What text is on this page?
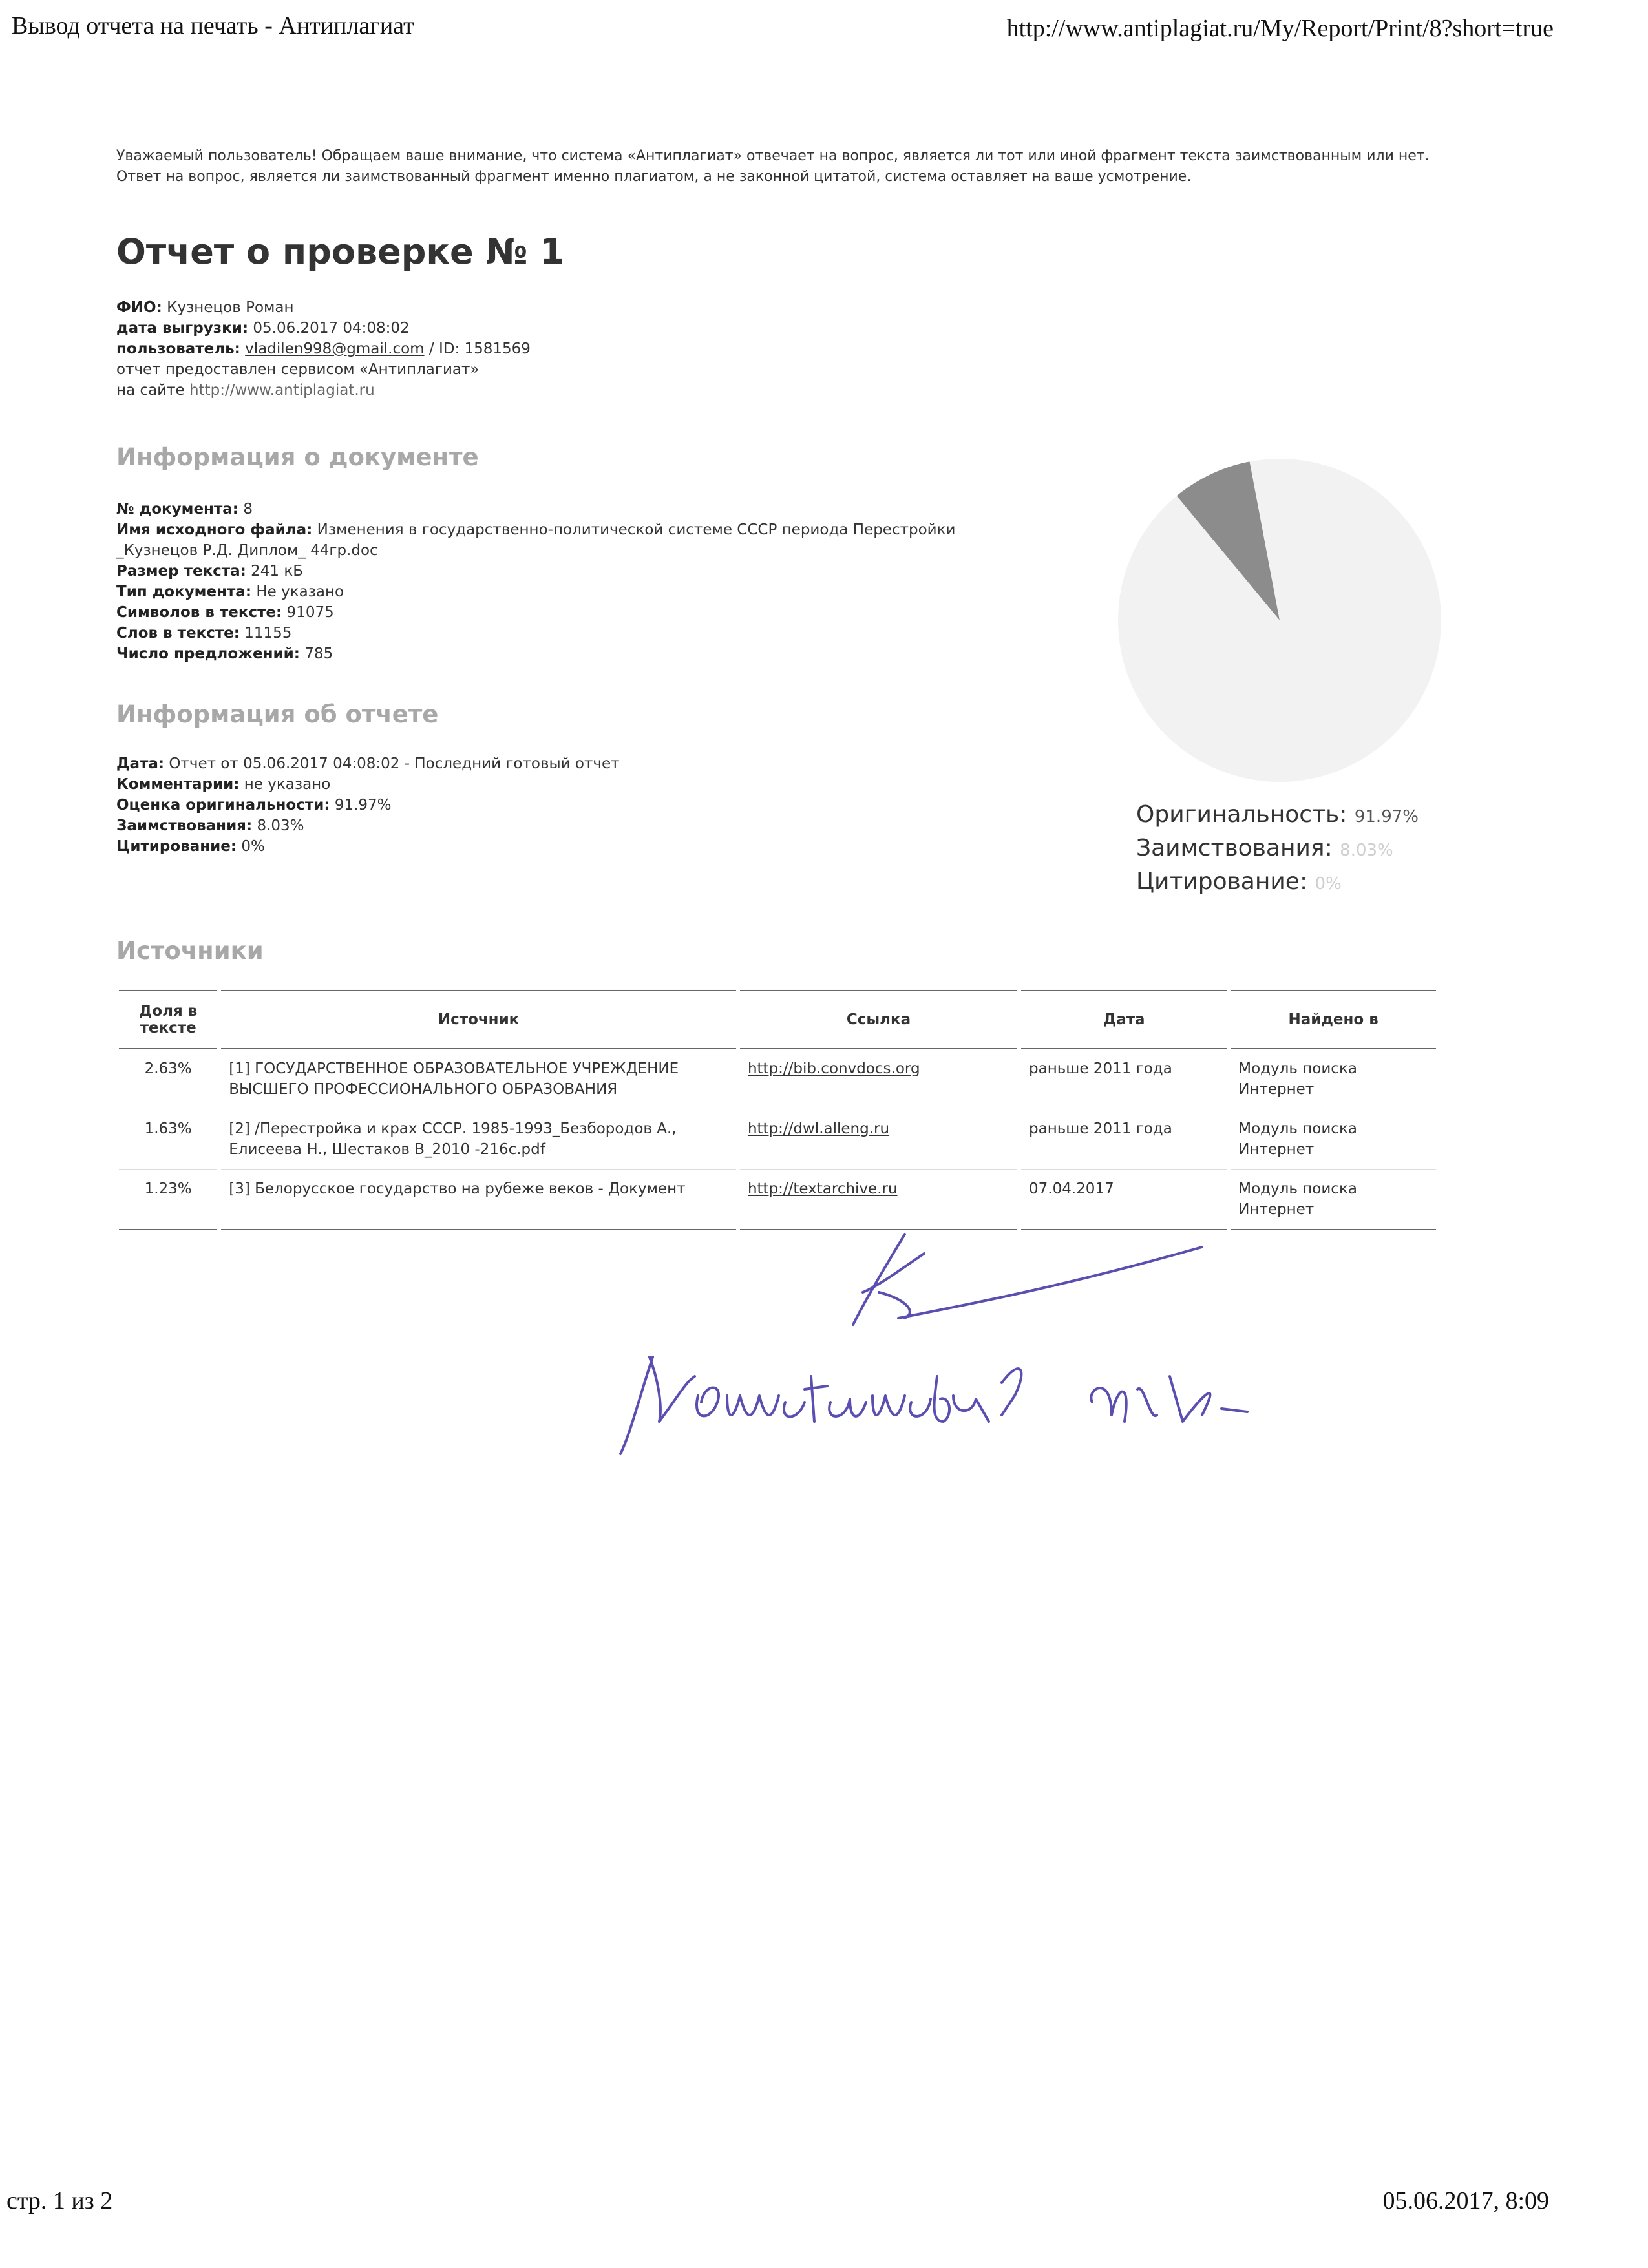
Вывод отчета на печать - Антиплагиат	http://www.antiplagiat.ru/My/Report/Print/8?short=true
Уважаемый пользователь! Обращаем ваше внимание, что система «Антиплагиат» отвечает на вопрос, является ли тот или иной фрагмент текста заимствованным или нет. Ответ на вопрос, является ли заимствованный фрагмент именно плагиатом, а не законной цитатой, система оставляет на ваше усмотрение.
Отчет о проверке № 1
ФИО: Кузнецов Роман
дата выгрузки: 05.06.2017 04:08:02
пользователь: vladilen998@gmail.com / ID: 1581569
отчет предоставлен сервисом «Антиплагиат»
на сайте http://www.antiplagiat.ru
Информация о документе
№ документа: 8
Имя исходного файла: Изменения в государственно-политической системе СССР периода Перестройки _Кузнецов Р.Д. Диплом_ 44гр.doc
Размер текста: 241 кБ
Тип документа: Не указано
Символов в тексте: 91075
Слов в тексте: 11155
Число предложений: 785
Информация об отчете
Дата: Отчет от 05.06.2017 04:08:02 - Последний готовый отчет
Комментарии: не указано
Оценка оригинальности: 91.97%
Заимствования: 8.03%
Цитирование: 0%
Оригинальность: 91.97%
Заимствования: 8.03%
Цитирование: 0%
Источники
Доля в тексте	Источник	Ссылка	Дата	Найдено в
2.63%	[1] ГОСУДАРСТВЕННОЕ ОБРАЗОВАТЕЛЬНОЕ УЧРЕЖДЕНИЕ ВЫСШЕГО ПРОФЕССИОНАЛЬНОГО ОБРАЗОВАНИЯ	http://bib.convdocs.org	раньше 2011 года	Модуль поиска Интернет
1.63%	[2] /Перестройка и крах СССР. 1985-1993_Безбородов А., Елисеева Н., Шестаков В_2010 -216с.pdf	http://dwl.alleng.ru	раньше 2011 года	Модуль поиска Интернет
1.23%	[3] Белорусское государство на рубеже веков - Документ	http://textarchive.ru	07.04.2017	Модуль поиска Интернет
стр. 1 из 2	05.06.2017, 8:09
